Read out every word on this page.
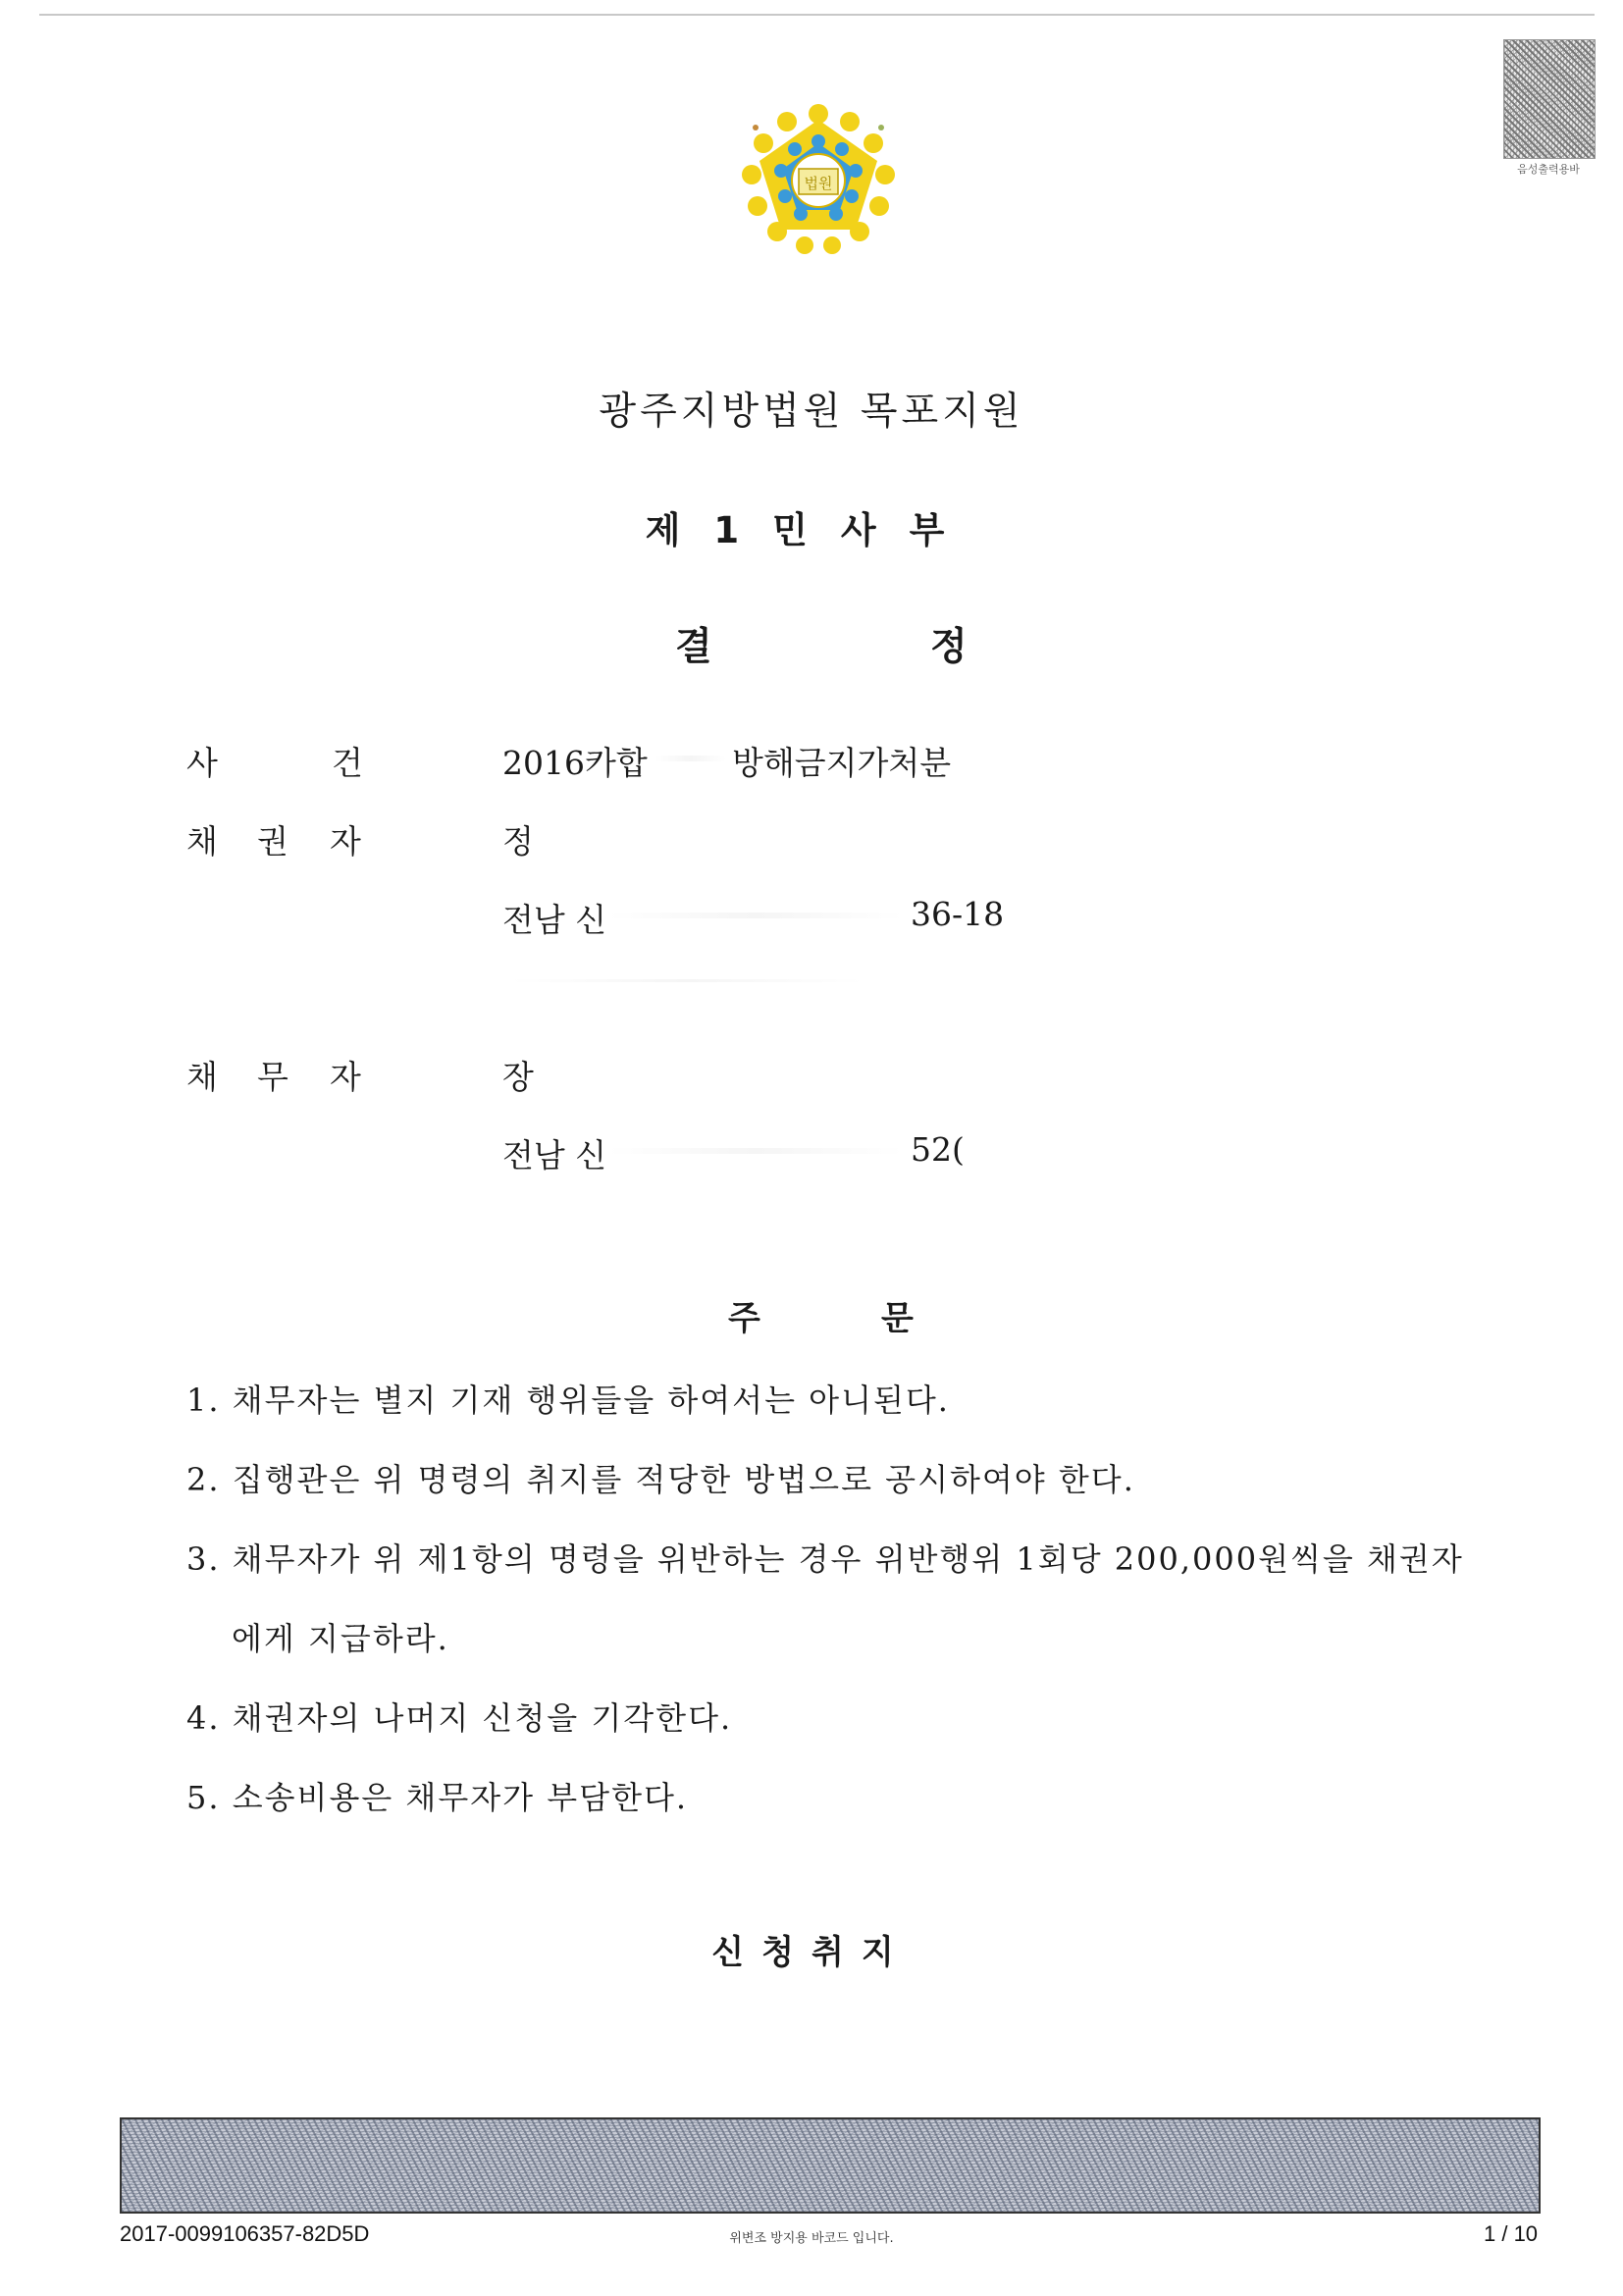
음성출력용바
법원
광주지방법원 목포지원
제1민사부
결	정
사	건	2016카합	방해금지가처분
채 권 자	정
전남 신	36-18
채 무 자	장
전남 신	52(
주	문
1. 채무자는 별지 기재 행위들을 하여서는 아니된다.
2. 집행관은 위 명령의 취지를 적당한 방법으로 공시하여야 한다.
3. 채무자가 위 제1항의 명령을 위반하는 경우 위반행위 1회당 200,000원씩을 채권자
에게 지급하라.
4. 채권자의 나머지 신청을 기각한다.
5. 소송비용은 채무자가 부담한다.
신청취지
2017-0099106357-82D5D	위변조 방지용 바코드 입니다.	1 / 10
